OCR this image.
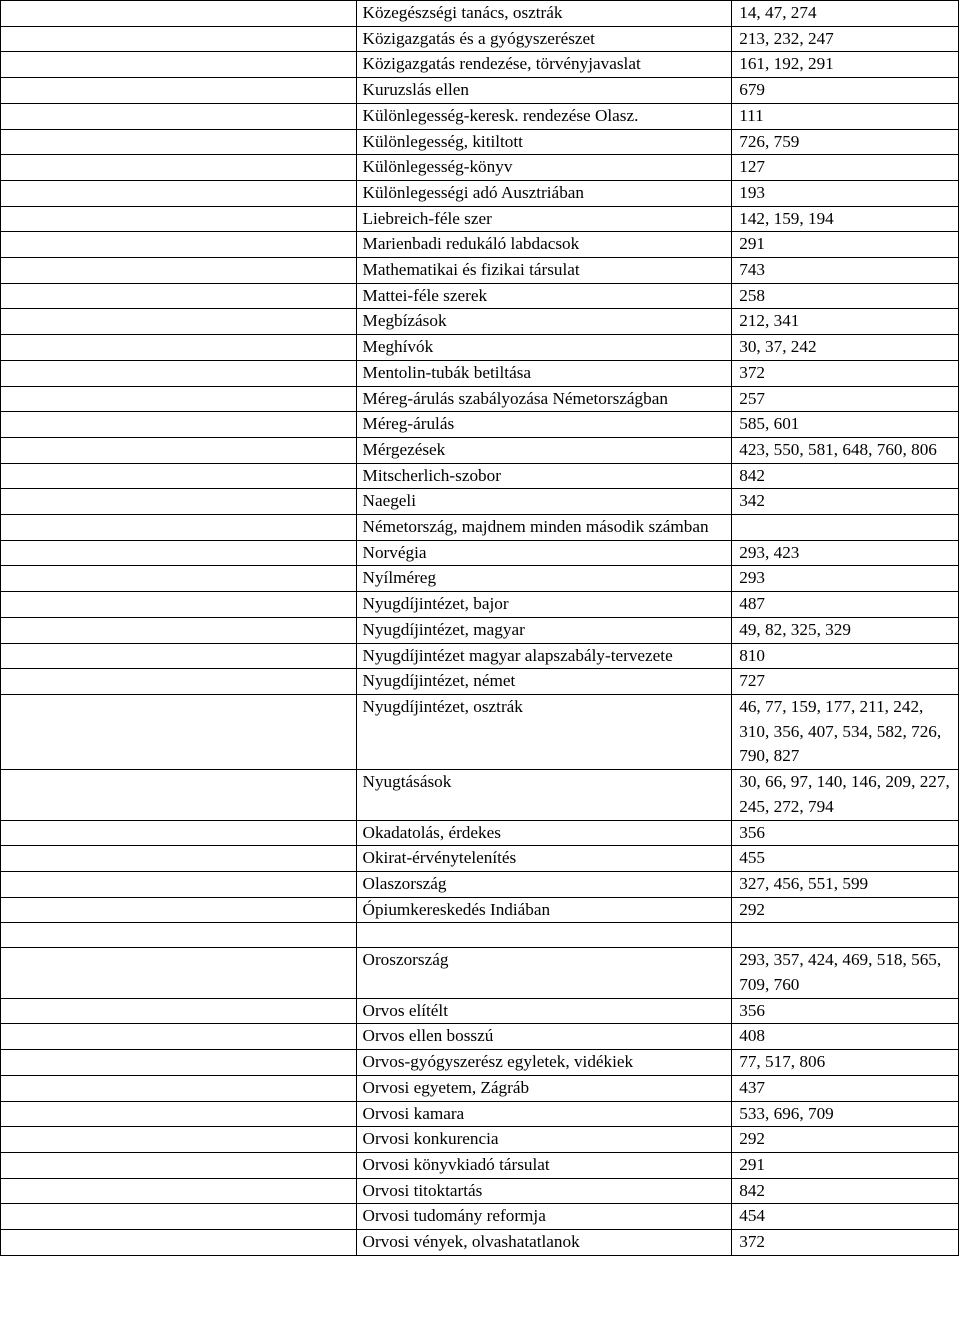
	Közegészségi tanács, osztrák	14, 47, 274
	Közigazgatás és a gyógyszerészet	213, 232, 247
	Közigazgatás rendezése, törvényjavaslat	161, 192, 291
	Kuruzslás ellen	679
	Különlegesség-keresk. rendezése Olasz.	111
	Különlegesség, kitiltott	726, 759
	Különlegesség-könyv	127
	Különlegességi adó Ausztriában	193
	Liebreich-féle szer	142, 159, 194
	Marienbadi redukáló labdacsok	291
	Mathematikai és fizikai társulat	743
	Mattei-féle szerek	258
	Megbízások	212, 341
	Meghívók	30, 37, 242
	Mentolin-tubák betiltása	372
	Méreg-árulás szabályozása Németországban	257
	Méreg-árulás	585, 601
	Mérgezések	423, 550, 581, 648, 760, 806
	Mitscherlich-szobor	842
	Naegeli	342
	Németország, majdnem minden második számban	
	Norvégia	293, 423
	Nyílméreg	293
	Nyugdíjintézet, bajor	487
	Nyugdíjintézet, magyar	49, 82, 325, 329
	Nyugdíjintézet magyar alapszabály-tervezete	810
	Nyugdíjintézet, német	727
	Nyugdíjintézet, osztrák	46, 77, 159, 177, 211, 242, 310, 356, 407, 534, 582, 726, 790, 827
	Nyugtásások	30, 66, 97, 140, 146, 209, 227, 245, 272, 794
	Okadatolás, érdekes	356
	Okirat-érvénytelenítés	455
	Olaszország	327, 456, 551, 599
	Ópiumkereskedés Indiában	292

	Oroszország	293, 357, 424, 469, 518, 565, 709, 760
	Orvos elítélt	356
	Orvos ellen bosszú	408
	Orvos-gyógyszerész egyletek, vidékiek	77, 517, 806
	Orvosi egyetem, Zágráb	437
	Orvosi kamara	533, 696, 709
	Orvosi konkurencia	292
	Orvosi könyvkiadó társulat	291
	Orvosi titoktartás	842
	Orvosi tudomány reformja	454
	Orvosi vények, olvashatatlanok	372
